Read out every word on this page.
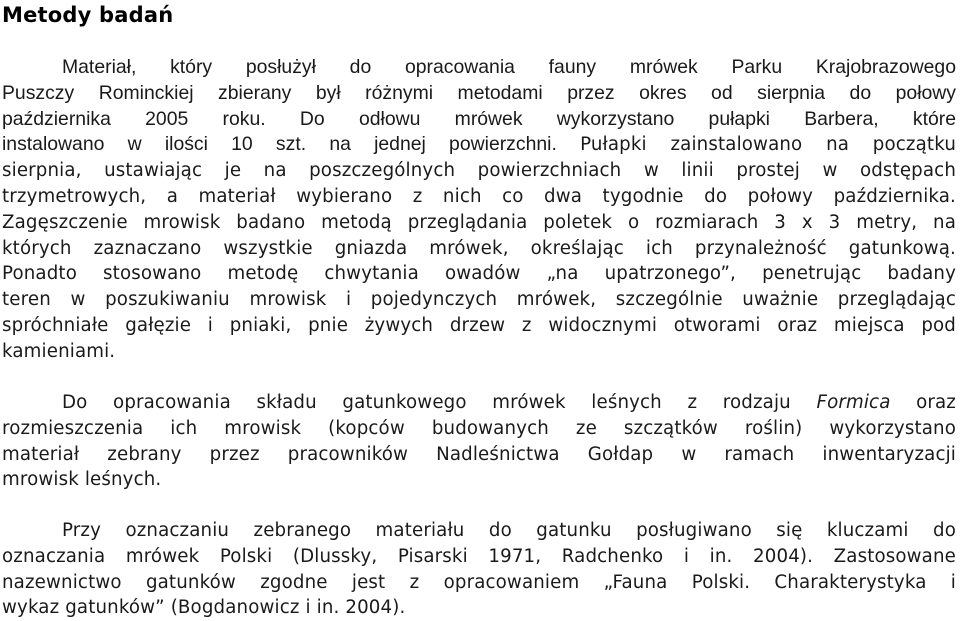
Metody badań

Materiał, który posłużył do opracowania fauny mrówek Parku Krajobrazowego
Puszczy Rominckiej zbierany był różnymi metodami przez okres od sierpnia do połowy
października 2005 roku. Do odłowu mrówek wykorzystano pułapki Barbera, które
instalowano w ilości 10 szt. na jednej powierzchni. Pułapki zainstalowano na początku
sierpnia, ustawiając je na poszczególnych powierzchniach w linii prostej w odstępach
trzymetrowych, a materiał wybierano z nich co dwa tygodnie do połowy października.
Zagęszczenie mrowisk badano metodą przeglądania poletek o rozmiarach 3 x 3 metry, na
których zaznaczano wszystkie gniazda mrówek, określając ich przynależność gatunkową.
Ponadto stosowano metodę chwytania owadów „na upatrzonego”, penetrując badany
teren w poszukiwaniu mrowisk i pojedynczych mrówek, szczególnie uważnie przeglądając
spróchniałe gałęzie i pniaki, pnie żywych drzew z widocznymi otworami oraz miejsca pod
kamieniami.

Do opracowania składu gatunkowego mrówek leśnych z rodzaju Formica oraz
rozmieszczenia ich mrowisk (kopców budowanych ze szczątków roślin) wykorzystano
materiał zebrany przez pracowników Nadleśnictwa Gołdap w ramach inwentaryzacji
mrowisk leśnych.

Przy oznaczaniu zebranego materiału do gatunku posługiwano się kluczami do
oznaczania mrówek Polski (Dlussky, Pisarski 1971, Radchenko i in. 2004). Zastosowane
nazewnictwo gatunków zgodne jest z opracowaniem „Fauna Polski. Charakterystyka i
wykaz gatunków” (Bogdanowicz i in. 2004).
